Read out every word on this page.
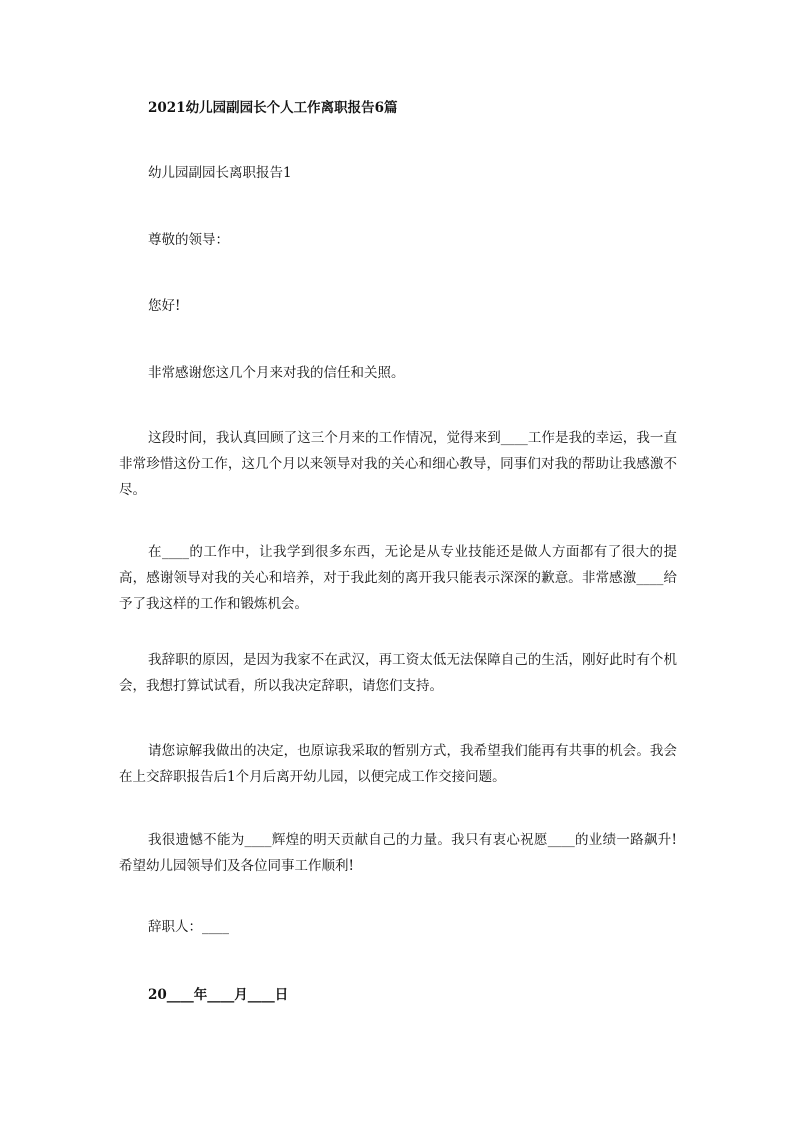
2021幼儿园副园长个人工作离职报告6篇
幼儿园副园长离职报告1
尊敬的领导：
您好!
非常感谢您这几个月来对我的信任和关照。
这段时间，我认真回顾了这三个月来的工作情况，觉得来到____工作是我的幸运，我一直非常珍惜这份工作，这几个月以来领导对我的关心和细心教导，同事们对我的帮助让我感激不尽。
在____的工作中，让我学到很多东西，无论是从专业技能还是做人方面都有了很大的提高，感谢领导对我的关心和培养，对于我此刻的离开我只能表示深深的歉意。非常感激____给予了我这样的工作和锻炼机会。
我辞职的原因，是因为我家不在武汉，再工资太低无法保障自己的生活，刚好此时有个机会，我想打算试试看，所以我决定辞职，请您们支持。
请您谅解我做出的决定，也原谅我采取的暂别方式，我希望我们能再有共事的机会。我会在上交辞职报告后1个月后离开幼儿园，以便完成工作交接问题。
我很遗憾不能为____辉煌的明天贡献自己的力量。我只有衷心祝愿____的业绩一路飙升!希望幼儿园领导们及各位同事工作顺利!
辞职人：____
20____年____月____日
